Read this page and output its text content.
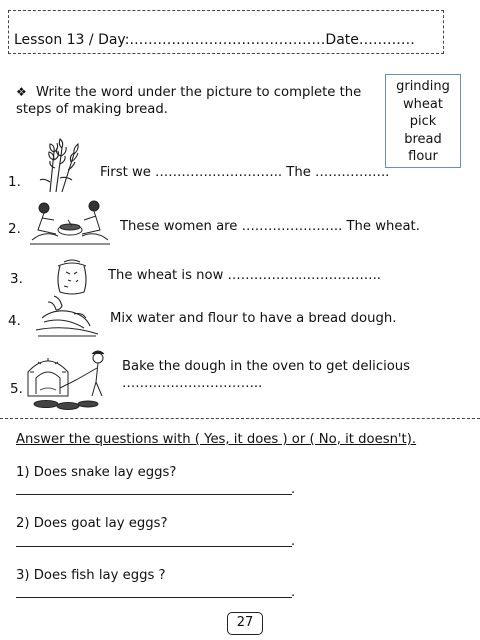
Lesson 13 / Day:……………………………………Date…………
❖ Write the word under the picture to complete the steps of making bread.
grinding
wheat
pick
bread
flour
1.
First we ……………………….. The ……………..
2.	These women are ………………….. The wheat.
3.	The wheat is now ……………………………..
4.	Mix water and flour to have a bread dough.
5.
Bake the dough in the oven to get delicious
…………………………..
Answer the questions with ( Yes, it does ) or ( No, it doesn't).
1) Does snake lay eggs?
.
2) Does goat lay eggs?
.
3) Does fish lay eggs ?
.
27
